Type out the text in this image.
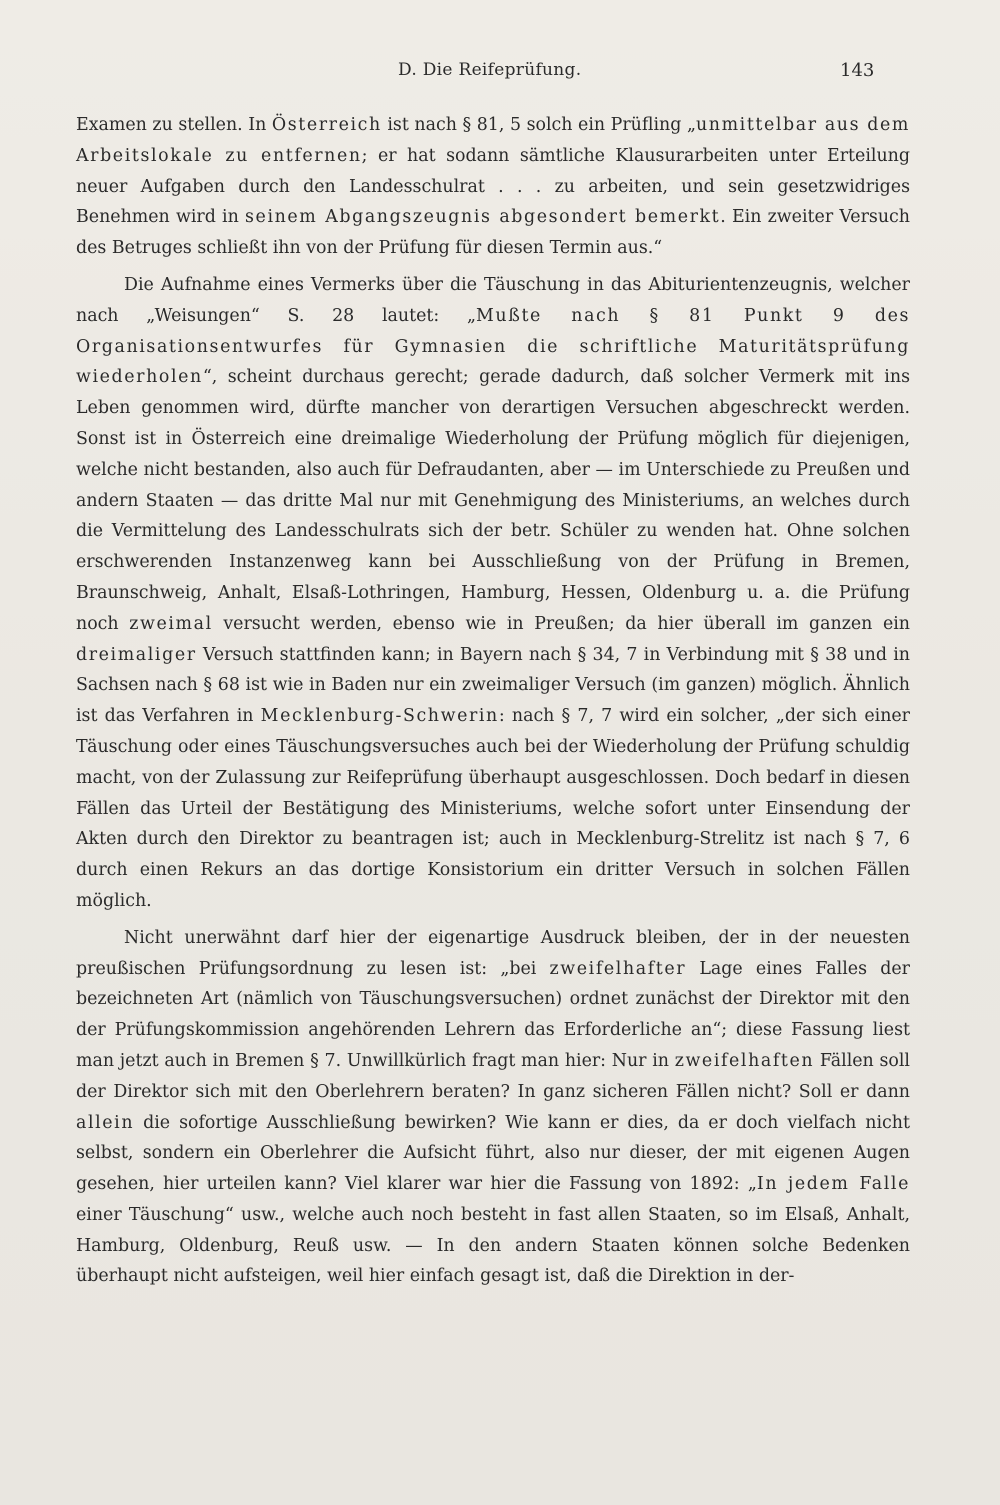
D. Die Reifeprüfung.	143

Examen zu stellen. In Österreich ist nach § 81, 5 solch ein Prüfling „unmittelbar aus dem Arbeitslokale zu entfernen; er hat sodann sämtliche Klausurarbeiten unter Erteilung neuer Aufgaben durch den Landesschulrat . . . zu arbeiten, und sein gesetzwidriges Benehmen wird in seinem Abgangszeugnis abgesondert bemerkt. Ein zweiter Versuch des Betruges schließt ihn von der Prüfung für diesen Termin aus.“

Die Aufnahme eines Vermerks über die Täuschung in das Abiturientenzeugnis, welcher nach „Weisungen“ S. 28 lautet: „Mußte nach § 81 Punkt 9 des Organisationsentwurfes für Gymnasien die schriftliche Maturitätsprüfung wiederholen“, scheint durchaus gerecht; gerade dadurch, daß solcher Vermerk mit ins Leben genommen wird, dürfte mancher von derartigen Versuchen abgeschreckt werden. Sonst ist in Österreich eine dreimalige Wiederholung der Prüfung möglich für diejenigen, welche nicht bestanden, also auch für Defraudanten, aber — im Unterschiede zu Preußen und andern Staaten — das dritte Mal nur mit Genehmigung des Ministeriums, an welches durch die Vermittelung des Landesschulrats sich der betr. Schüler zu wenden hat. Ohne solchen erschwerenden Instanzenweg kann bei Ausschließung von der Prüfung in Bremen, Braunschweig, Anhalt, Elsaß-Lothringen, Hamburg, Hessen, Oldenburg u. a. die Prüfung noch zweimal versucht werden, ebenso wie in Preußen; da hier überall im ganzen ein dreimaliger Versuch stattfinden kann; in Bayern nach § 34, 7 in Verbindung mit § 38 und in Sachsen nach § 68 ist wie in Baden nur ein zweimaliger Versuch (im ganzen) möglich. Ähnlich ist das Verfahren in Mecklenburg-Schwerin: nach § 7, 7 wird ein solcher, „der sich einer Täuschung oder eines Täuschungsversuches auch bei der Wiederholung der Prüfung schuldig macht, von der Zulassung zur Reifeprüfung überhaupt ausgeschlossen. Doch bedarf in diesen Fällen das Urteil der Bestätigung des Ministeriums, welche sofort unter Einsendung der Akten durch den Direktor zu beantragen ist; auch in Mecklenburg-Strelitz ist nach § 7, 6 durch einen Rekurs an das dortige Konsistorium ein dritter Versuch in solchen Fällen möglich.

Nicht unerwähnt darf hier der eigenartige Ausdruck bleiben, der in der neuesten preußischen Prüfungsordnung zu lesen ist: „bei zweifelhafter Lage eines Falles der bezeichneten Art (nämlich von Täuschungsversuchen) ordnet zunächst der Direktor mit den der Prüfungskommission angehörenden Lehrern das Erforderliche an“; diese Fassung liest man jetzt auch in Bremen § 7. Unwillkürlich fragt man hier: Nur in zweifelhaften Fällen soll der Direktor sich mit den Oberlehrern beraten? In ganz sicheren Fällen nicht? Soll er dann allein die sofortige Ausschließung bewirken? Wie kann er dies, da er doch vielfach nicht selbst, sondern ein Oberlehrer die Aufsicht führt, also nur dieser, der mit eigenen Augen gesehen, hier urteilen kann? Viel klarer war hier die Fassung von 1892: „In jedem Falle einer Täuschung“ usw., welche auch noch besteht in fast allen Staaten, so im Elsaß, Anhalt, Hamburg, Oldenburg, Reuß usw. — In den andern Staaten können solche Bedenken überhaupt nicht aufsteigen, weil hier einfach gesagt ist, daß die Direktion in der-
